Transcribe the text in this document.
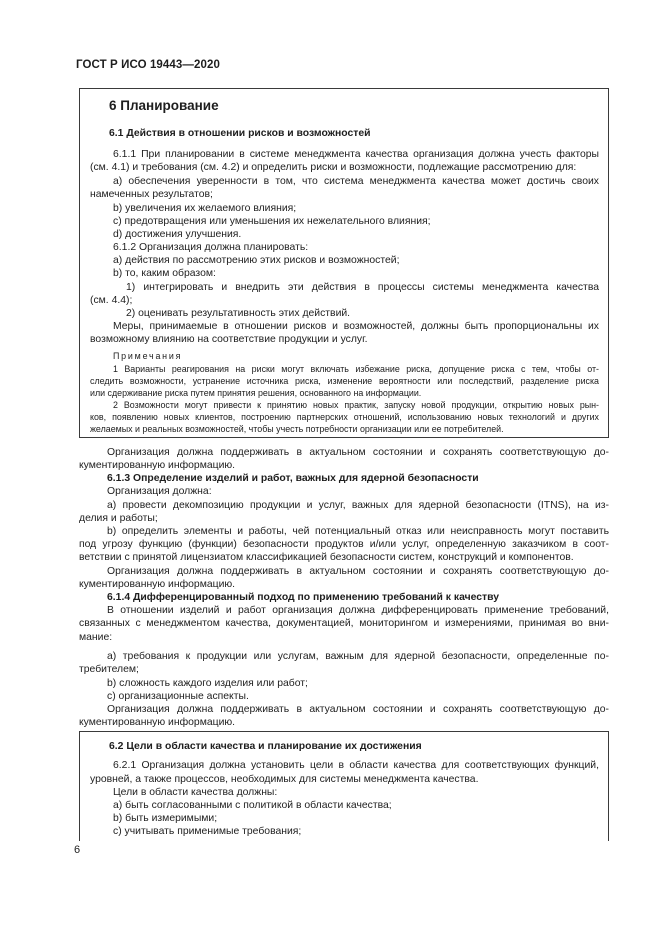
ГОСТ Р ИСО 19443—2020
6 Планирование
6.1 Действия в отношении рисков и возможностей
6.1.1 При планировании в системе менеджмента качества организация должна учесть факторы
(см. 4.1) и требования (см. 4.2) и определить риски и возможности, подлежащие рассмотрению для:
а) обеспечения уверенности в том, что система менеджмента качества может достичь своих
намеченных результатов;
b) увеличения их желаемого влияния;
с) предотвращения или уменьшения их нежелательного влияния;
d) достижения улучшения.
6.1.2 Организация должна планировать:
а) действия по рассмотрению этих рисков и возможностей;
b) то, каким образом:
1) интегрировать и внедрить эти действия в процессы системы менеджмента качества
(см. 4.4);
2) оценивать результативность этих действий.
Меры, принимаемые в отношении рисков и возможностей, должны быть пропорциональны их
возможному влиянию на соответствие продукции и услуг.
Примечания
1 Варианты реагирования на риски могут включать избежание риска, допущение риска с тем, чтобы от-
следить возможности, устранение источника риска, изменение вероятности или последствий, разделение риска
или сдерживание риска путем принятия решения, основанного на информации.
2 Возможности могут привести к принятию новых практик, запуску новой продукции, открытию новых рын-
ков, появлению новых клиентов, построению партнерских отношений, использованию новых технологий и других
желаемых и реальных возможностей, чтобы учесть потребности организации или ее потребителей.
Организация должна поддерживать в актуальном состоянии и сохранять соответствующую до-
кументированную информацию.
6.1.3 Определение изделий и работ, важных для ядерной безопасности
Организация должна:
а) провести декомпозицию продукции и услуг, важных для ядерной безопасности (ITNS), на из-
делия и работы;
b) определить элементы и работы, чей потенциальный отказ или неисправность могут поставить
под угрозу функцию (функции) безопасности продуктов и/или услуг, определенную заказчиком в соот-
ветствии с принятой лицензиатом классификацией безопасности систем, конструкций и компонентов.
Организация должна поддерживать в актуальном состоянии и сохранять соответствующую до-
кументированную информацию.
6.1.4 Дифференцированный подход по применению требований к качеству
В отношении изделий и работ организация должна дифференцировать применение требований,
связанных с менеджментом качества, документацией, мониторингом и измерениями, принимая во вни-
мание:
а) требования к продукции или услугам, важным для ядерной безопасности, определенные по-
требителем;
b) сложность каждого изделия или работ;
с) организационные аспекты.
Организация должна поддерживать в актуальном состоянии и сохранять соответствующую до-
кументированную информацию.
6.2 Цели в области качества и планирование их достижения
6.2.1 Организация должна установить цели в области качества для соответствующих функций,
уровней, а также процессов, необходимых для системы менеджмента качества.
Цели в области качества должны:
а) быть согласованными с политикой в области качества;
b) быть измеримыми;
с) учитывать применимые требования;
6
